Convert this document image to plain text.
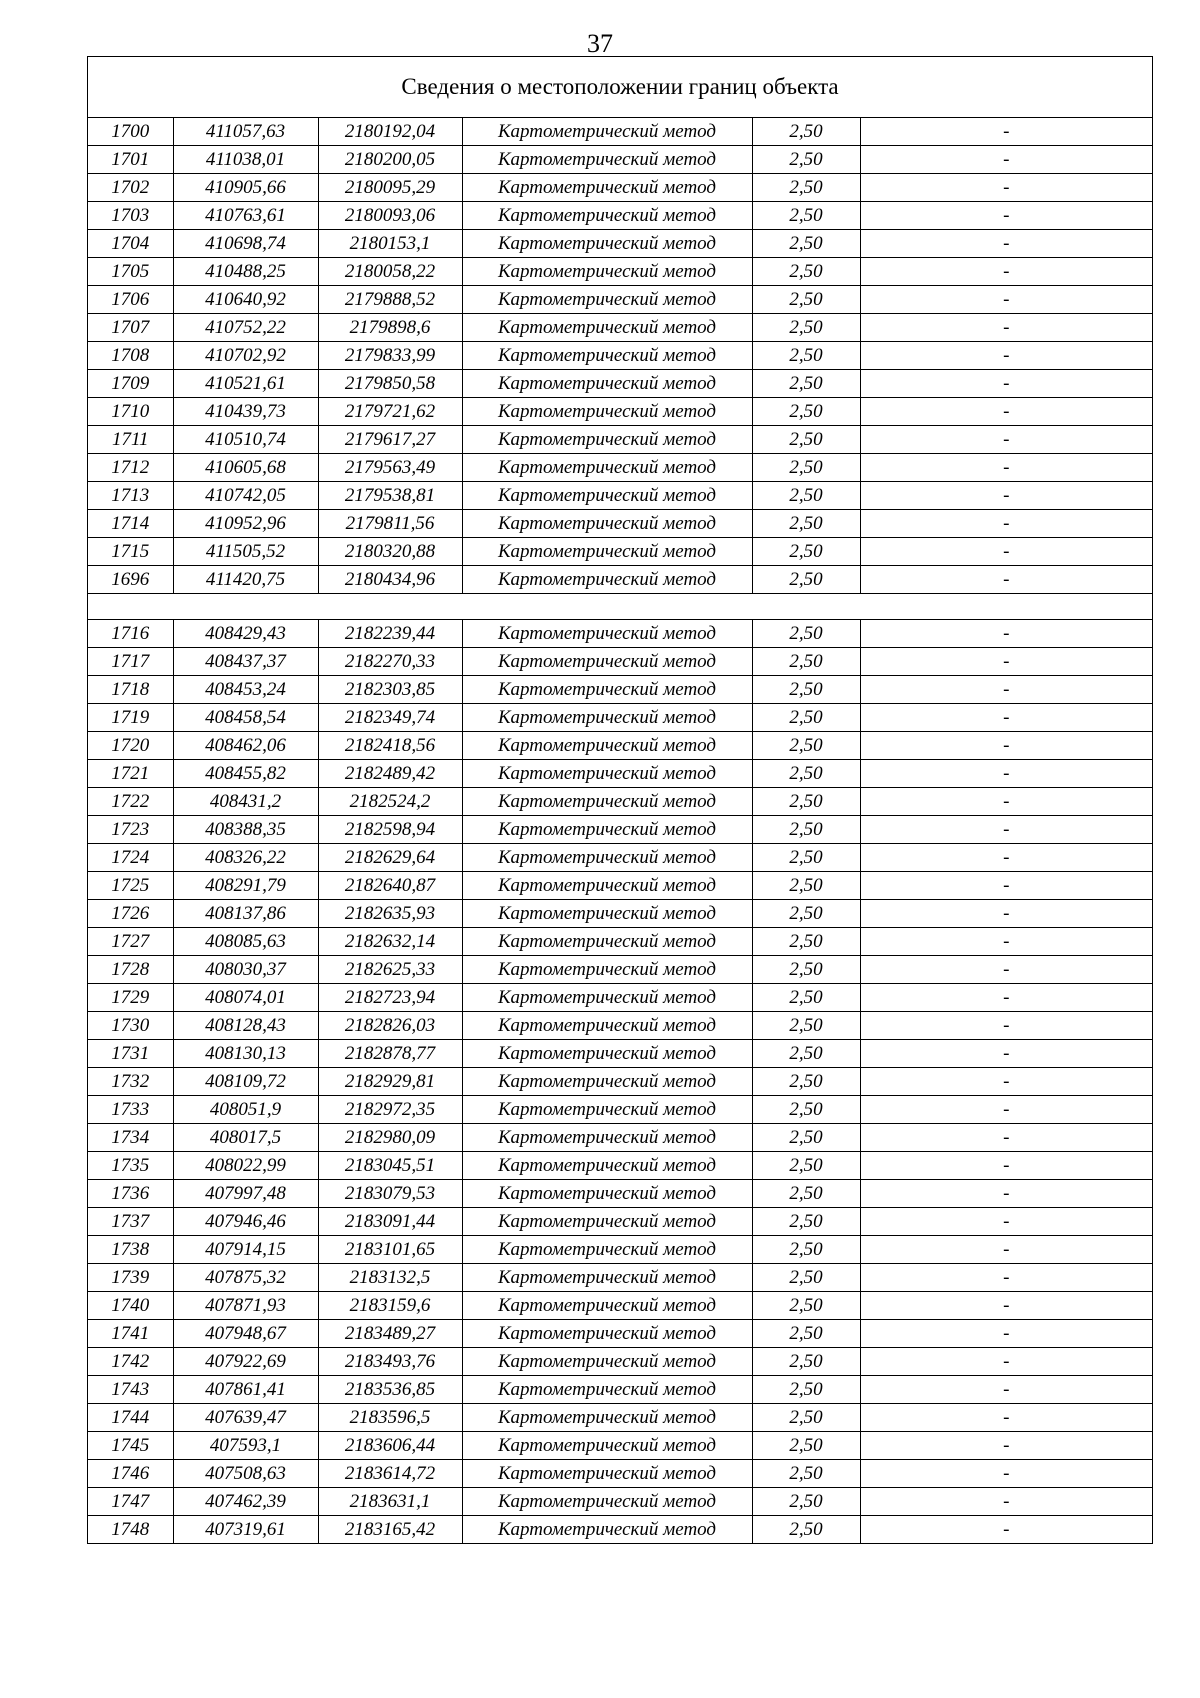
37
Сведения о местоположении границ объекта
1700	411057,63	2180192,04	Картометрический метод	2,50	-
1701	411038,01	2180200,05	Картометрический метод	2,50	-
1702	410905,66	2180095,29	Картометрический метод	2,50	-
1703	410763,61	2180093,06	Картометрический метод	2,50	-
1704	410698,74	2180153,1	Картометрический метод	2,50	-
1705	410488,25	2180058,22	Картометрический метод	2,50	-
1706	410640,92	2179888,52	Картометрический метод	2,50	-
1707	410752,22	2179898,6	Картометрический метод	2,50	-
1708	410702,92	2179833,99	Картометрический метод	2,50	-
1709	410521,61	2179850,58	Картометрический метод	2,50	-
1710	410439,73	2179721,62	Картометрический метод	2,50	-
1711	410510,74	2179617,27	Картометрический метод	2,50	-
1712	410605,68	2179563,49	Картометрический метод	2,50	-
1713	410742,05	2179538,81	Картометрический метод	2,50	-
1714	410952,96	2179811,56	Картометрический метод	2,50	-
1715	411505,52	2180320,88	Картометрический метод	2,50	-
1696	411420,75	2180434,96	Картометрический метод	2,50	-

1716	408429,43	2182239,44	Картометрический метод	2,50	-
1717	408437,37	2182270,33	Картометрический метод	2,50	-
1718	408453,24	2182303,85	Картометрический метод	2,50	-
1719	408458,54	2182349,74	Картометрический метод	2,50	-
1720	408462,06	2182418,56	Картометрический метод	2,50	-
1721	408455,82	2182489,42	Картометрический метод	2,50	-
1722	408431,2	2182524,2	Картометрический метод	2,50	-
1723	408388,35	2182598,94	Картометрический метод	2,50	-
1724	408326,22	2182629,64	Картометрический метод	2,50	-
1725	408291,79	2182640,87	Картометрический метод	2,50	-
1726	408137,86	2182635,93	Картометрический метод	2,50	-
1727	408085,63	2182632,14	Картометрический метод	2,50	-
1728	408030,37	2182625,33	Картометрический метод	2,50	-
1729	408074,01	2182723,94	Картометрический метод	2,50	-
1730	408128,43	2182826,03	Картометрический метод	2,50	-
1731	408130,13	2182878,77	Картометрический метод	2,50	-
1732	408109,72	2182929,81	Картометрический метод	2,50	-
1733	408051,9	2182972,35	Картометрический метод	2,50	-
1734	408017,5	2182980,09	Картометрический метод	2,50	-
1735	408022,99	2183045,51	Картометрический метод	2,50	-
1736	407997,48	2183079,53	Картометрический метод	2,50	-
1737	407946,46	2183091,44	Картометрический метод	2,50	-
1738	407914,15	2183101,65	Картометрический метод	2,50	-
1739	407875,32	2183132,5	Картометрический метод	2,50	-
1740	407871,93	2183159,6	Картометрический метод	2,50	-
1741	407948,67	2183489,27	Картометрический метод	2,50	-
1742	407922,69	2183493,76	Картометрический метод	2,50	-
1743	407861,41	2183536,85	Картометрический метод	2,50	-
1744	407639,47	2183596,5	Картометрический метод	2,50	-
1745	407593,1	2183606,44	Картометрический метод	2,50	-
1746	407508,63	2183614,72	Картометрический метод	2,50	-
1747	407462,39	2183631,1	Картометрический метод	2,50	-
1748	407319,61	2183165,42	Картометрический метод	2,50	-
